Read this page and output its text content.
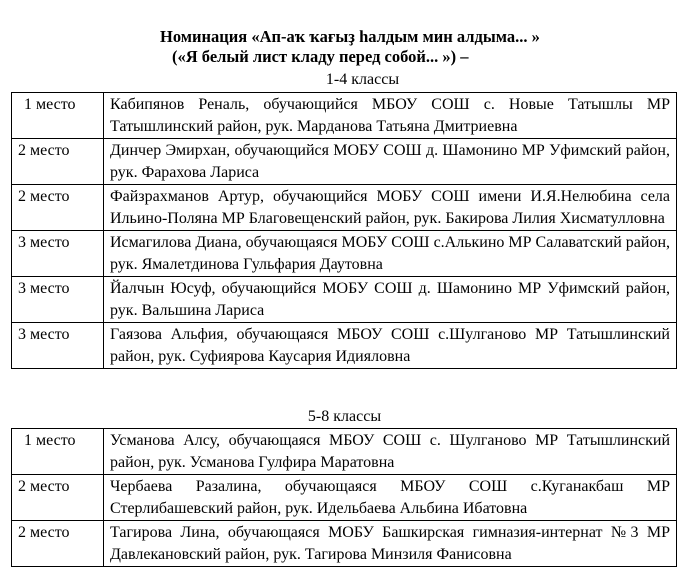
Номинация «Ап-аҡ ҡағыҙ һалдым мин алдыма... »
(«Я белый лист кладу перед собой... ») –
1-4 классы
1 место	Кабипянов Реналь, обучающийся МБОУ СОШ с. Новые Татышлы МР Татышлинский район, рук. Марданова Татьяна Дмитриевна
2 место	Динчер Эмирхан, обучающийся МОБУ СОШ д. Шамонино МР Уфимский район, рук. Фарахова Лариса
2 место	Файзрахманов Артур, обучающийся МОБУ СОШ имени И.Я.Нелюбина села Ильино-Поляна МР Благовещенский район, рук. Бакирова Лилия Хисматулловна
3 место	Исмагилова Диана, обучающаяся МОБУ СОШ с.Алькино МР Салаватский район, рук. Ямалетдинова Гульфария Даутовна
3 место	Йалчын Юсуф, обучающийся МОБУ СОШ д. Шамонино МР Уфимский район, рук. Вальшина Лариса
3 место	Гаязова Альфия, обучающаяся МБОУ СОШ с.Шулганово МР Татышлинский район, рук. Суфиярова Каусария Идияловна
5-8 классы
1 место	Усманова Алсу, обучающаяся МБОУ СОШ с. Шулганово МР Татышлинский район, рук. Усманова Гулфира Маратовна
2 место	Чербаева Разалина, обучающаяся МБОУ СОШ с.Куганакбаш МР Стерлибашевский район, рук. Идельбаева Альбина Ибатовна
2 место	Тагирова Лина, обучающаяся МОБУ Башкирская гимназия-интернат №3 МР Давлекановский район, рук. Тагирова Минзиля Фанисовна
